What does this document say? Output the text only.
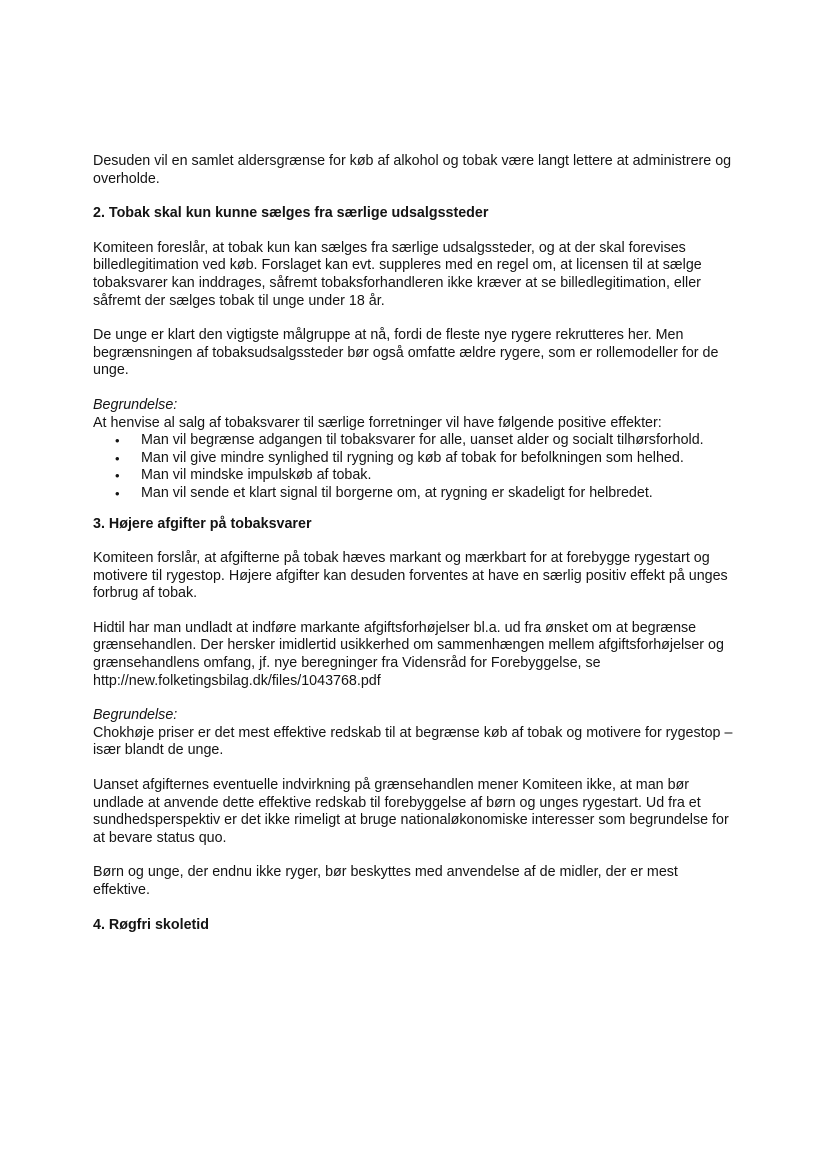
Desuden vil en samlet aldersgrænse for køb af alkohol og tobak være langt lettere at administrere og overholde.

2. Tobak skal kun kunne sælges fra særlige udsalgssteder

Komiteen foreslår, at tobak kun kan sælges fra særlige udsalgssteder, og at der skal forevises billedlegitimation ved køb. Forslaget kan evt. suppleres med en regel om, at licensen til at sælge tobaksvarer kan inddrages, såfremt tobaksforhandleren ikke kræver at se billedlegitimation, eller såfremt der sælges tobak til unge under 18 år.

De unge er klart den vigtigste målgruppe at nå, fordi de fleste nye rygere rekrutteres her. Men begrænsningen af tobaksudsalgssteder bør også omfatte ældre rygere, som er rollemodeller for de unge.

Begrundelse:

At henvise al salg af tobaksvarer til særlige forretninger vil have følgende positive effekter:

• Man vil begrænse adgangen til tobaksvarer for alle, uanset alder og socialt tilhørsforhold.
• Man vil give mindre synlighed til rygning og køb af tobak for befolkningen som helhed.
• Man vil mindske impulskøb af tobak.
• Man vil sende et klart signal til borgerne om, at rygning er skadeligt for helbredet.
3. Højere afgifter på tobaksvarer

Komiteen forslår, at afgifterne på tobak hæves markant og mærkbart for at forebygge rygestart og motivere til rygestop. Højere afgifter kan desuden forventes at have en særlig positiv effekt på unges forbrug af tobak.

Hidtil har man undladt at indføre markante afgiftsforhøjelser bl.a. ud fra ønsket om at begrænse grænsehandlen. Der hersker imidlertid usikkerhed om sammenhængen mellem afgiftsforhøjelser og grænsehandlens omfang, jf. nye beregninger fra Vidensråd for Forebyggelse, se http://new.folketingsbilag.dk/files/1043768.pdf

Begrundelse:

Chokhøje priser er det mest effektive redskab til at begrænse køb af tobak og motivere for rygestop – især blandt de unge.

Uanset afgifternes eventuelle indvirkning på grænsehandlen mener Komiteen ikke, at man bør undlade at anvende dette effektive redskab til forebyggelse af børn og unges rygestart. Ud fra et sundhedsperspektiv er det ikke rimeligt at bruge nationaløkonomiske interesser som begrundelse for at bevare status quo.

Børn og unge, der endnu ikke ryger, bør beskyttes med anvendelse af de midler, der er mest effektive.

4. Røgfri skoletid
